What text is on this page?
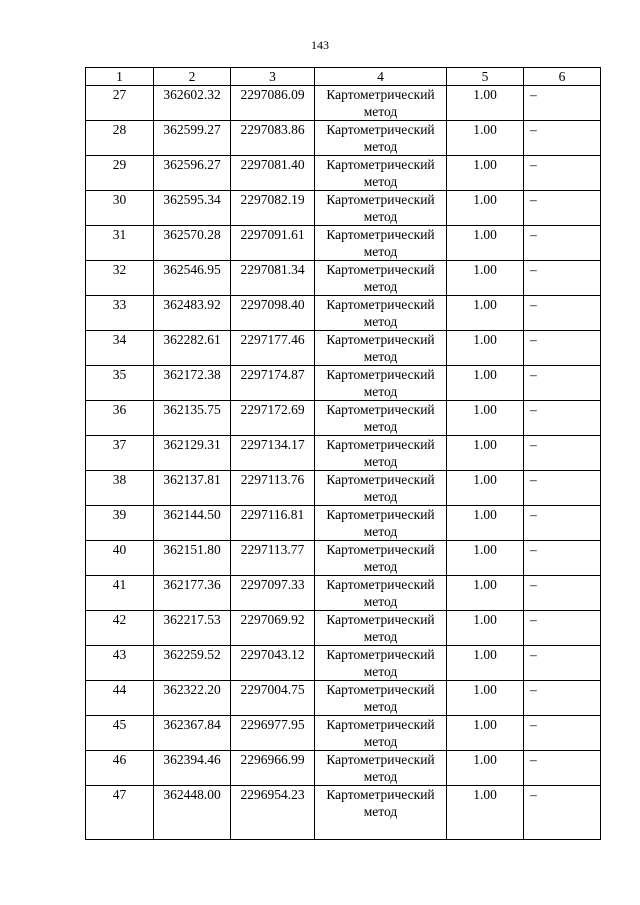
143
1	2	3	4	5	6
27	362602.32	2297086.09	Картометрический метод	1.00	–
28	362599.27	2297083.86	Картометрический метод	1.00	–
29	362596.27	2297081.40	Картометрический метод	1.00	–
30	362595.34	2297082.19	Картометрический метод	1.00	–
31	362570.28	2297091.61	Картометрический метод	1.00	–
32	362546.95	2297081.34	Картометрический метод	1.00	–
33	362483.92	2297098.40	Картометрический метод	1.00	–
34	362282.61	2297177.46	Картометрический метод	1.00	–
35	362172.38	2297174.87	Картометрический метод	1.00	–
36	362135.75	2297172.69	Картометрический метод	1.00	–
37	362129.31	2297134.17	Картометрический метод	1.00	–
38	362137.81	2297113.76	Картометрический метод	1.00	–
39	362144.50	2297116.81	Картометрический метод	1.00	–
40	362151.80	2297113.77	Картометрический метод	1.00	–
41	362177.36	2297097.33	Картометрический метод	1.00	–
42	362217.53	2297069.92	Картометрический метод	1.00	–
43	362259.52	2297043.12	Картометрический метод	1.00	–
44	362322.20	2297004.75	Картометрический метод	1.00	–
45	362367.84	2296977.95	Картометрический метод	1.00	–
46	362394.46	2296966.99	Картометрический метод	1.00	–
47	362448.00	2296954.23	Картометрический метод	1.00	–
